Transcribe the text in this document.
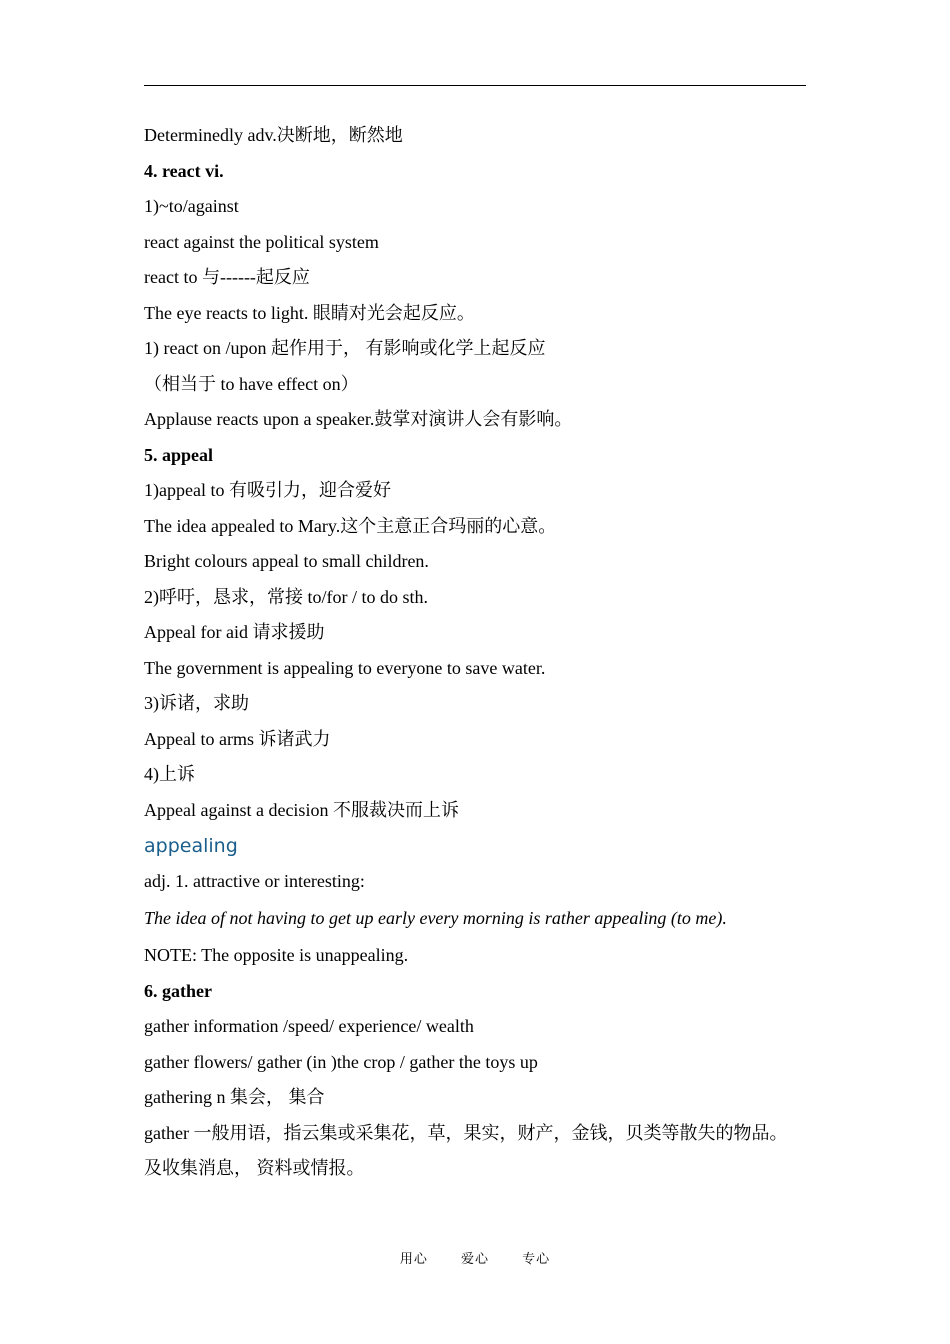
Determinedly adv.决断地，断然地
4. react vi.
1)~to/against
react against the political system
react to 与------起反应
The eye reacts to light. 眼睛对光会起反应。
1) react on /upon 起作用于， 有影响或化学上起反应
（相当于 to have effect on）
Applause reacts upon a speaker.鼓掌对演讲人会有影响。
5. appeal
1)appeal to 有吸引力，迎合爱好
The idea appealed to Mary.这个主意正合玛丽的心意。
Bright colours appeal to small children.
2)呼吁，恳求，常接 to/for / to do sth.
Appeal for aid 请求援助
The government is appealing to everyone to save water.
3)诉诸，求助
Appeal to arms 诉诸武力
4)上诉
Appeal against a decision 不服裁决而上诉
appealing
adj. 1. attractive or interesting:
The idea of not having to get up early every morning is rather appealing (to me).
NOTE: The opposite is unappealing.
6. gather
gather information /speed/ experience/ wealth
gather flowers/ gather (in )the crop / gather the toys up
gathering n 集会， 集合
gather 一般用语，指云集或采集花，草，果实，财产，金钱，贝类等散失的物品。
及收集消息， 资料或情报。
用心	爱心	专心
